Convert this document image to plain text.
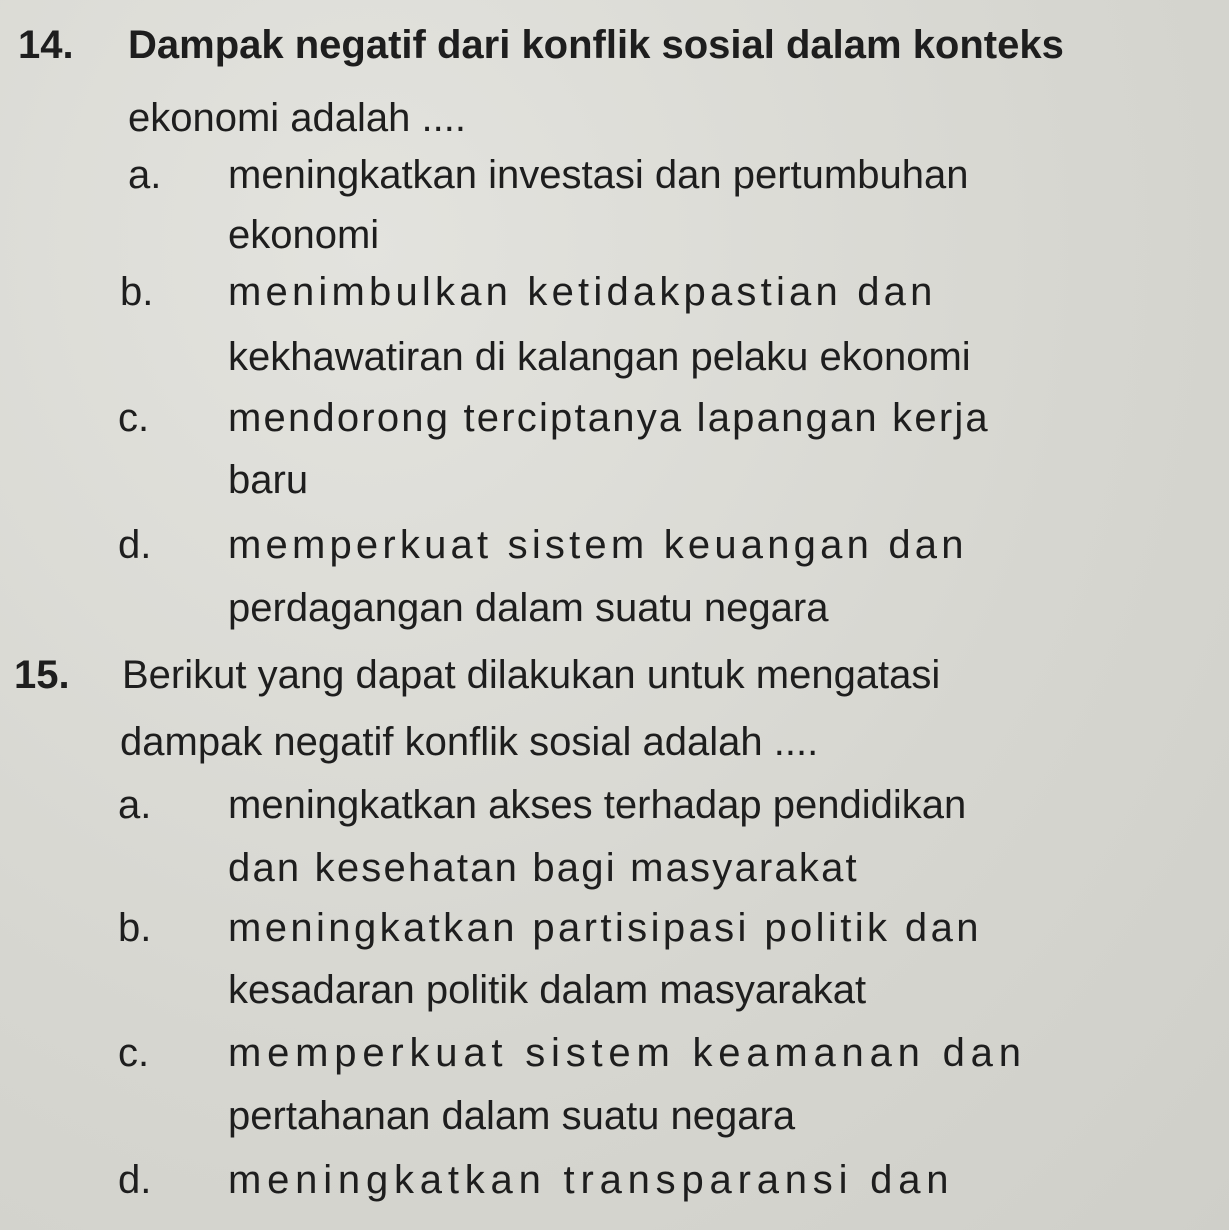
14. Dampak negatif dari konflik sosial dalam konteks
ekonomi adalah ....
a. meningkatkan investasi dan pertumbuhan
ekonomi
b. menimbulkan ketidakpastian dan
kekhawatiran di kalangan pelaku ekonomi
c. mendorong terciptanya lapangan kerja
baru
d. memperkuat sistem keuangan dan
perdagangan dalam suatu negara
15. Berikut yang dapat dilakukan untuk mengatasi
dampak negatif konflik sosial adalah ....
a. meningkatkan akses terhadap pendidikan
dan kesehatan bagi masyarakat
b. meningkatkan partisipasi politik dan
kesadaran politik dalam masyarakat
c. memperkuat sistem keamanan dan
pertahanan dalam suatu negara
d. meningkatkan transparansi dan
